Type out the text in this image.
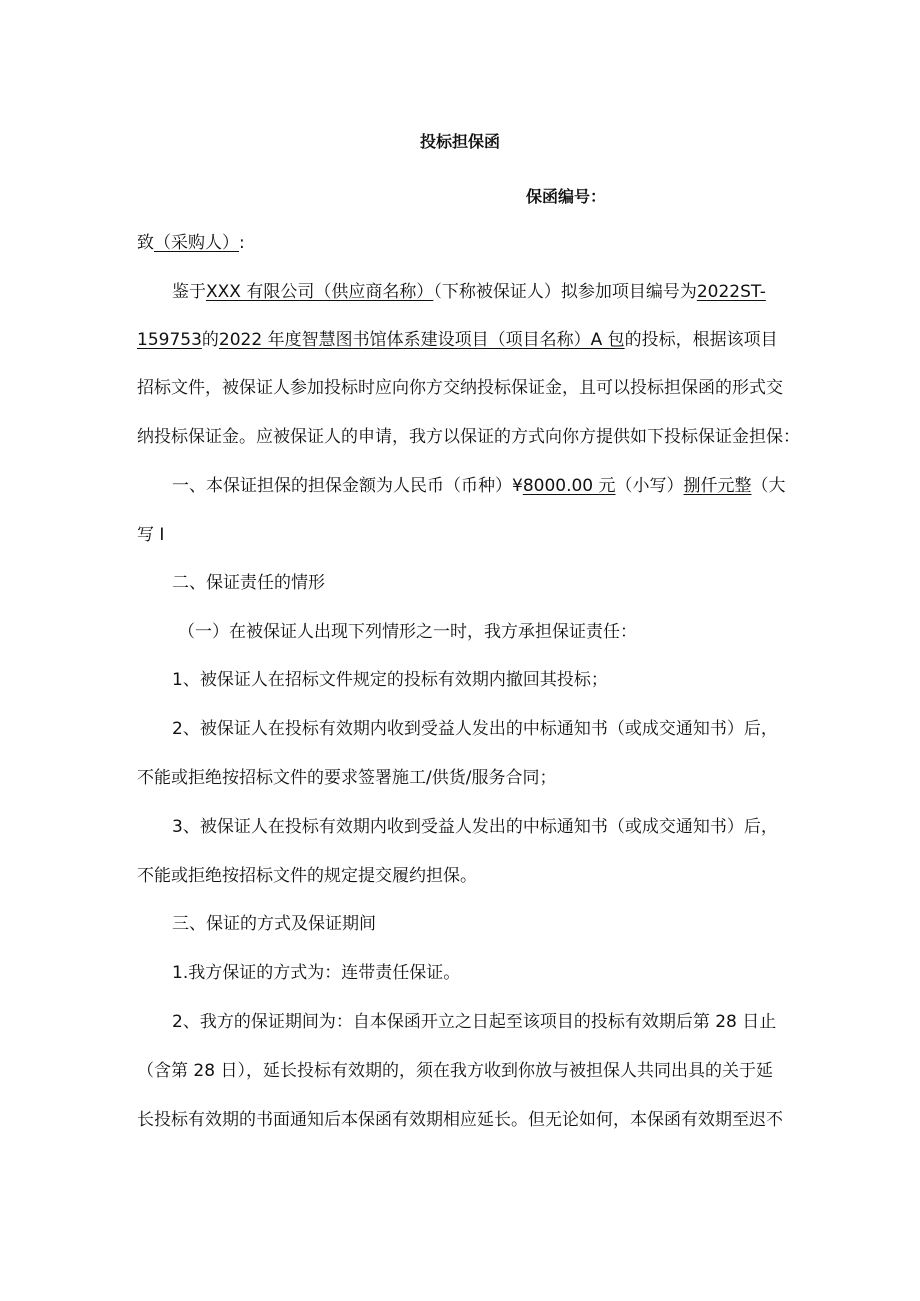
投标担保函
保函编号：
致（采购人）:
鉴于XXX 有限公司（供应商名称）（下称被保证人）拟参加项目编号为2022ST-
159753的2022 年度智慧图书馆体系建设项目（项目名称）A 包的投标，根据该项目
招标文件，被保证人参加投标时应向你方交纳投标保证金，且可以投标担保函的形式交
纳投标保证金。应被保证人的申请，我方以保证的方式向你方提供如下投标保证金担保：
一、本保证担保的担保金额为人民币（币种）¥8000.00 元（小写）捌仟元整（大
写 I
二、保证责任的情形
（一）在被保证人出现下列情形之一时，我方承担保证责任：
1、被保证人在招标文件规定的投标有效期内撤回其投标；
2、被保证人在投标有效期内收到受益人发出的中标通知书（或成交通知书）后，
不能或拒绝按招标文件的要求签署施工/供货/服务合同；
3、被保证人在投标有效期内收到受益人发出的中标通知书（或成交通知书）后，
不能或拒绝按招标文件的规定提交履约担保。
三、保证的方式及保证期间
1.我方保证的方式为：连带责任保证。
2、我方的保证期间为：自本保函开立之日起至该项目的投标有效期后第 28 日止
（含第 28 日），延长投标有效期的，须在我方收到你放与被担保人共同出具的关于延
长投标有效期的书面通知后本保函有效期相应延长。但无论如何，本保函有效期至迟不
